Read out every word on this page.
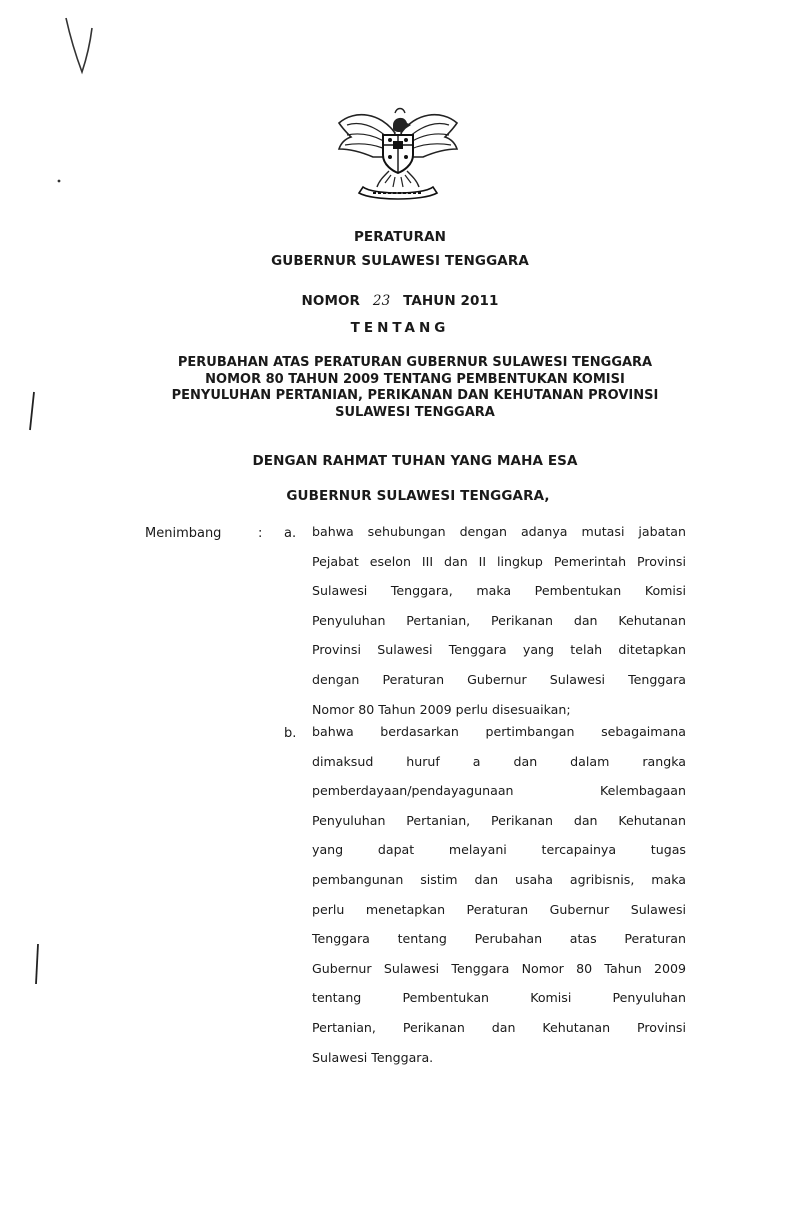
PERATURAN
GUBERNUR SULAWESI TENGGARA
NOMOR 23 TAHUN 2011
TENTANG
PERUBAHAN ATAS PERATURAN GUBERNUR SULAWESI TENGGARA
NOMOR 80 TAHUN 2009 TENTANG PEMBENTUKAN KOMISI
PENYULUHAN PERTANIAN, PERIKANAN DAN KEHUTANAN PROVINSI
SULAWESI TENGGARA
DENGAN RAHMAT TUHAN YANG MAHA ESA
GUBERNUR SULAWESI TENGGARA,
Menimbang	: a. bahwa sehubungan dengan adanya mutasi jabatan
Pejabat eselon III dan II lingkup Pemerintah Provinsi
Sulawesi Tenggara, maka Pembentukan Komisi
Penyuluhan Pertanian, Perikanan dan Kehutanan
Provinsi Sulawesi Tenggara yang telah ditetapkan
dengan Peraturan Gubernur Sulawesi Tenggara
Nomor 80 Tahun 2009 perlu disesuaikan;
b. bahwa berdasarkan pertimbangan sebagaimana
dimaksud huruf a dan dalam rangka
pemberdayaan/pendayagunaan Kelembagaan
Penyuluhan Pertanian, Perikanan dan Kehutanan
yang dapat melayani tercapainya tugas
pembangunan sistim dan usaha agribisnis, maka
perlu menetapkan Peraturan Gubernur Sulawesi
Tenggara tentang Perubahan atas Peraturan
Gubernur Sulawesi Tenggara Nomor 80 Tahun 2009
tentang Pembentukan Komisi Penyuluhan
Pertanian, Perikanan dan Kehutanan Provinsi
Sulawesi Tenggara.
